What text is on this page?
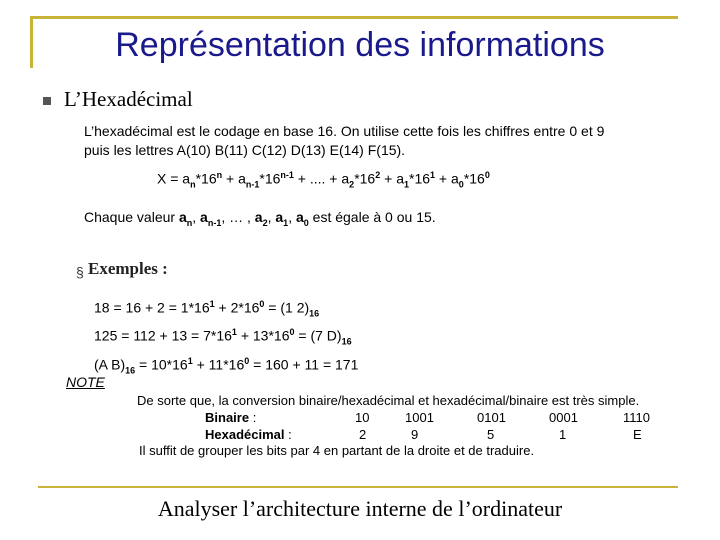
Représentation des informations
L’Hexadécimal
L’hexadécimal est le codage en base 16. On utilise cette fois les chiffres entre 0 et 9
puis les lettres A(10) B(11) C(12) D(13) E(14) F(15).
$X = a_n*16^n + a_{n-1}*16^{n-1}$ + .... + $a_2*16^2 + a_1*16^1 + a_0*16^0$
Chaque valeur $a_n$, $a_{n-1}$, … , $a_2$, $a_1$, $a_0$ est égale à 0 ou 15.
§ Exemples :
$18 = 16 + 2 = 1*16^1 + 2*16^0 = (1$ $2)_{16}$
$125 = 112 + 13 = 7*16^1 + 13*16^0 = (7$ $D)_{16}$
(A $B)_{16} = 10*16^1 + 11*16^0 = 160 + 11 = 171$
NOTE
De sorte que, la conversion binaire/hexadécimal et hexadécimal/binaire est très simple.
Binaire :	10	1001	0101	0001	1110
Hexadécimal :	2	9	5	1	E
Il suffit de grouper les bits par 4 en partant de la droite et de traduire.
Analyser l’architecture interne de l’ordinateur
